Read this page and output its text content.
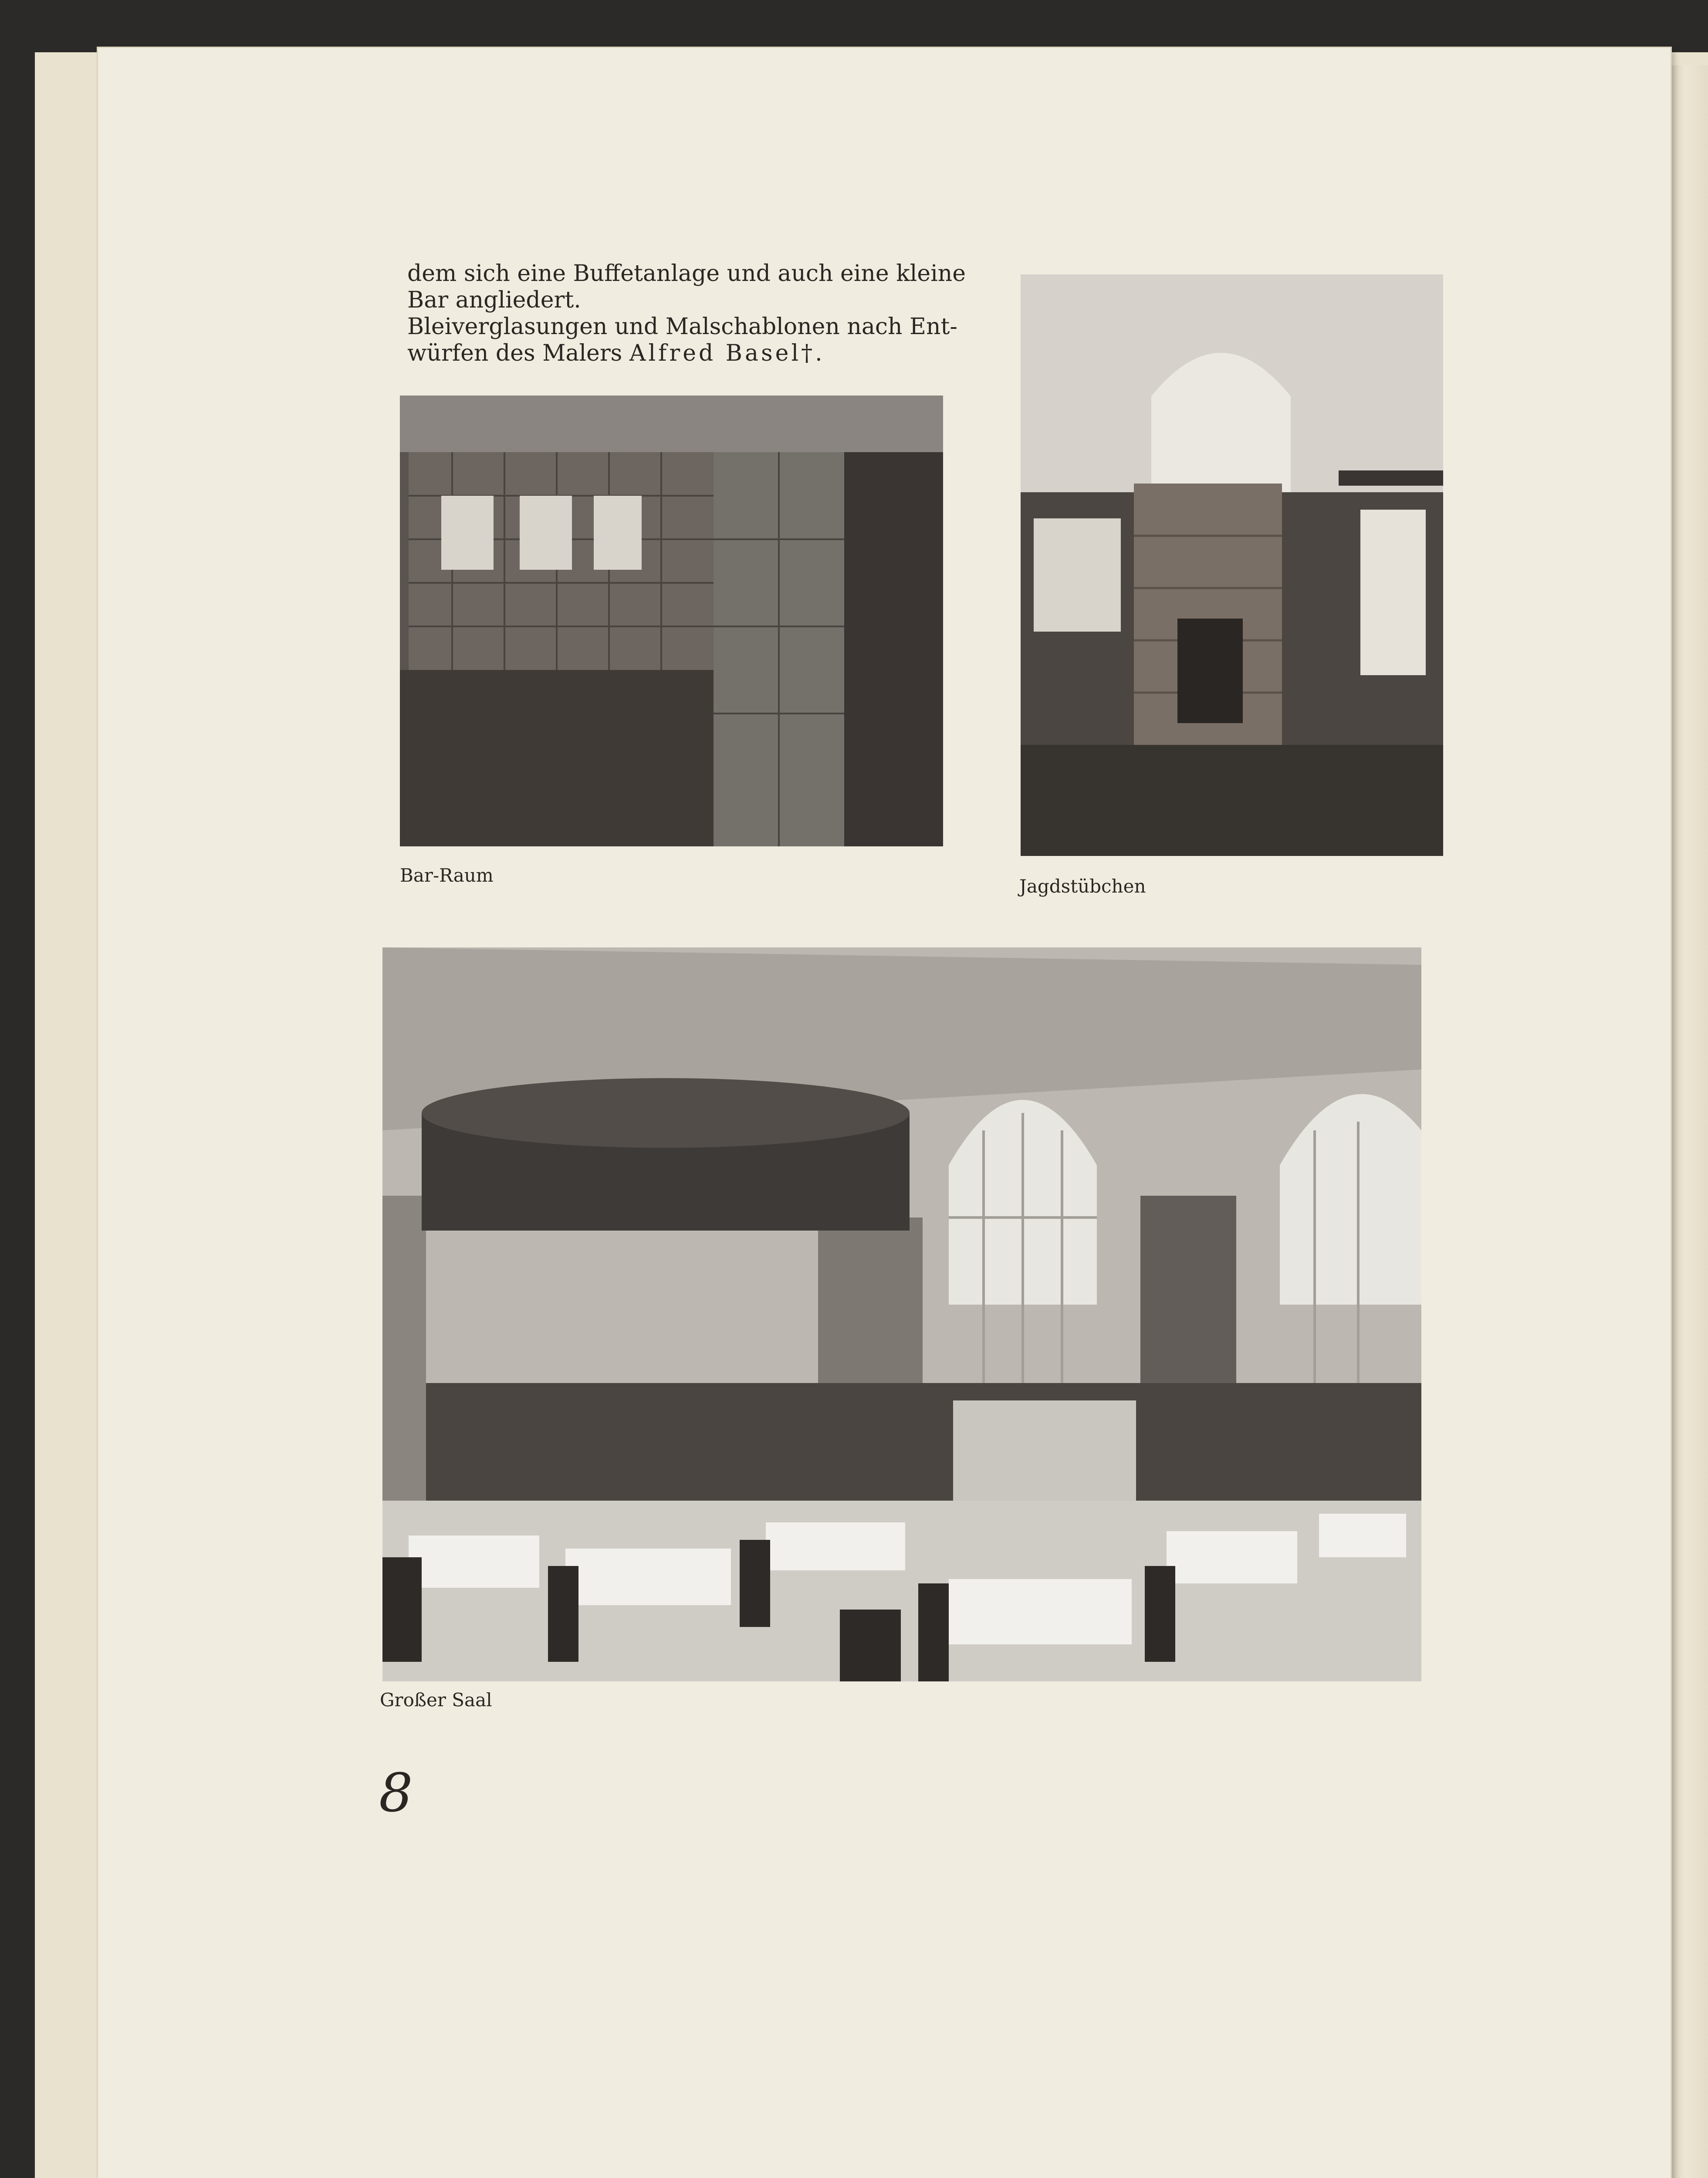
dem sich eine Buffetanlage und auch eine kleine
Bar angliedert.
Bleiverglasungen und Malschablonen nach Ent-
würfen des Malers Alfred Basel†.
Bar-Raum
Jagdstübchen
Großer Saal
8
